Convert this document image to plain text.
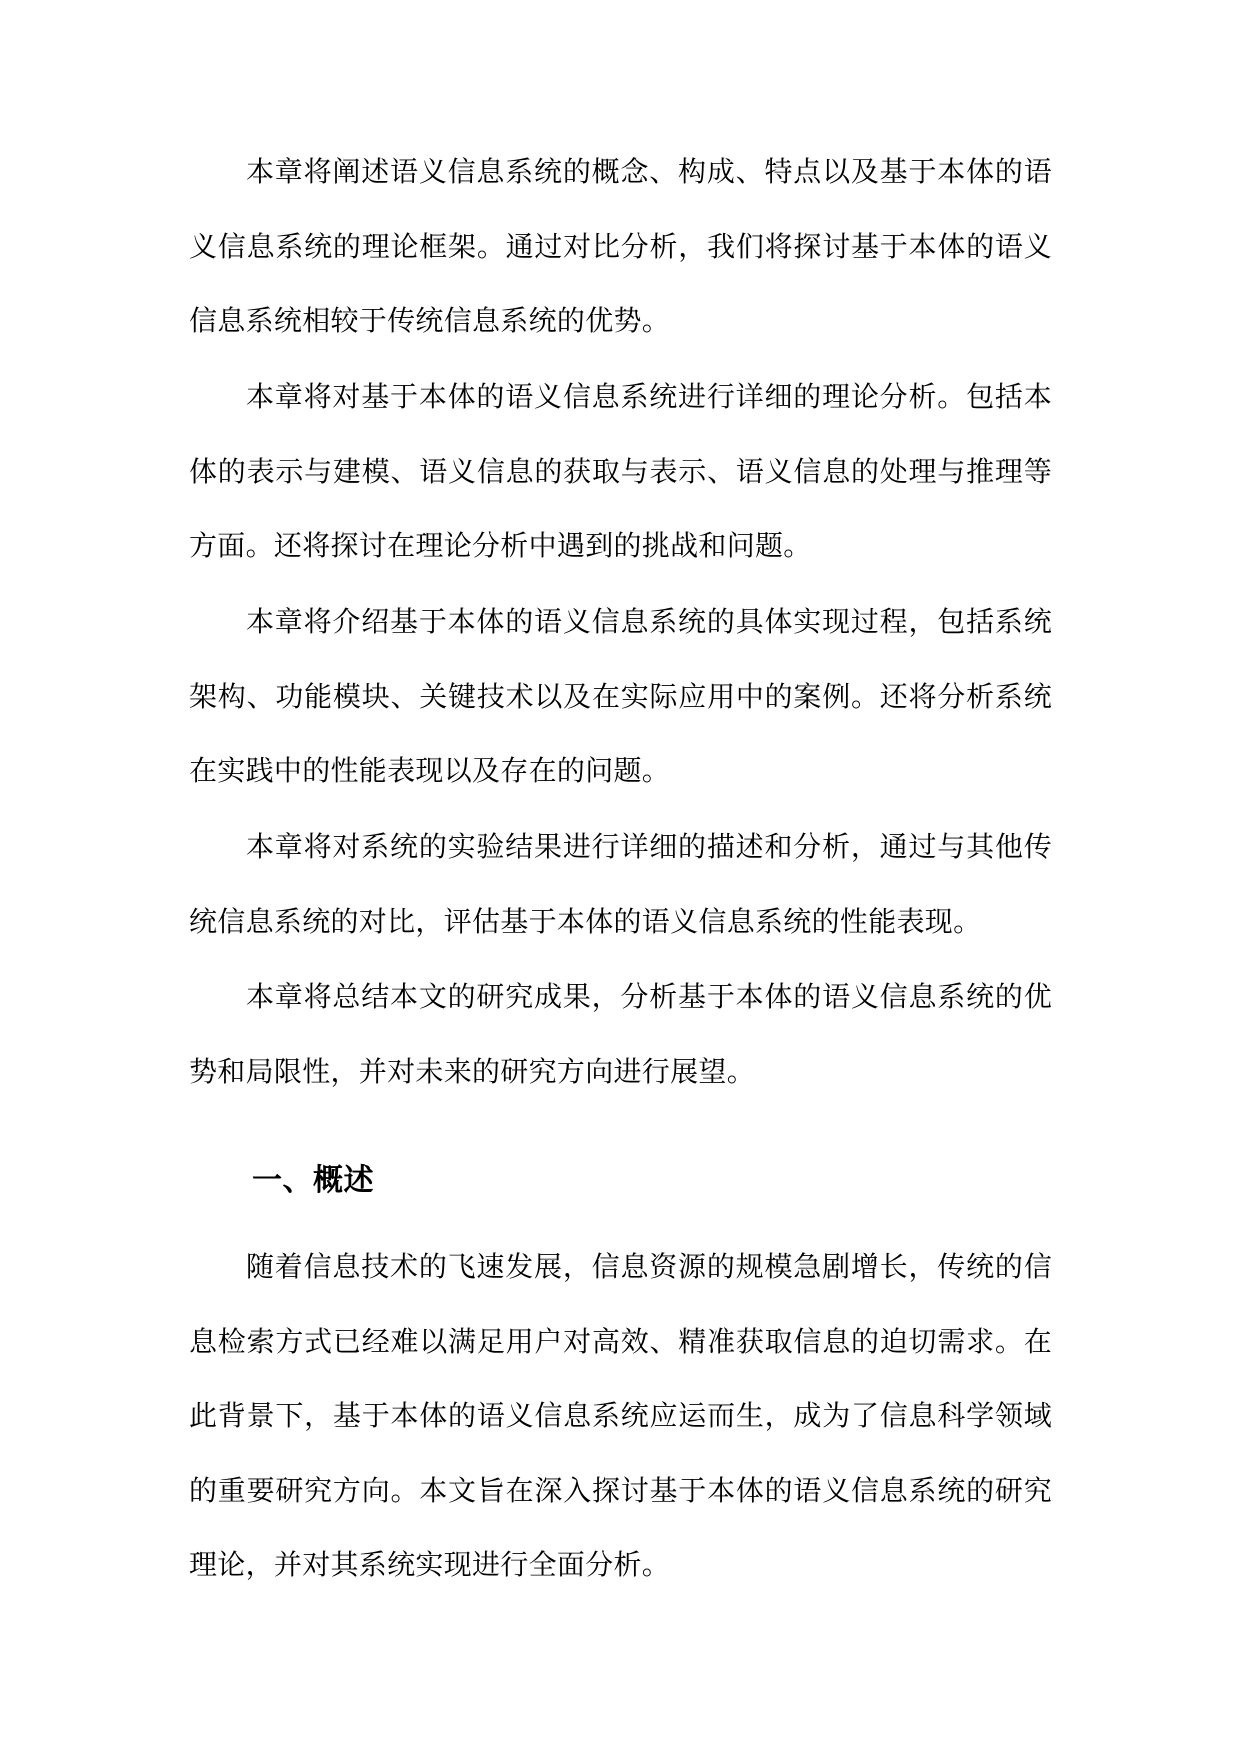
本章将阐述语义信息系统的概念、构成、特点以及基于本体的语义信息系统的理论框架。通过对比分析，我们将探讨基于本体的语义信息系统相较于传统信息系统的优势。

本章将对基于本体的语义信息系统进行详细的理论分析。包括本体的表示与建模、语义信息的获取与表示、语义信息的处理与推理等方面。还将探讨在理论分析中遇到的挑战和问题。

本章将介绍基于本体的语义信息系统的具体实现过程，包括系统架构、功能模块、关键技术以及在实际应用中的案例。还将分析系统在实践中的性能表现以及存在的问题。

本章将对系统的实验结果进行详细的描述和分析，通过与其他传统信息系统的对比，评估基于本体的语义信息系统的性能表现。

本章将总结本文的研究成果，分析基于本体的语义信息系统的优势和局限性，并对未来的研究方向进行展望。

一、概述

随着信息技术的飞速发展，信息资源的规模急剧增长，传统的信息检索方式已经难以满足用户对高效、精准获取信息的迫切需求。在此背景下，基于本体的语义信息系统应运而生，成为了信息科学领域的重要研究方向。本文旨在深入探讨基于本体的语义信息系统的研究理论，并对其系统实现进行全面分析。
